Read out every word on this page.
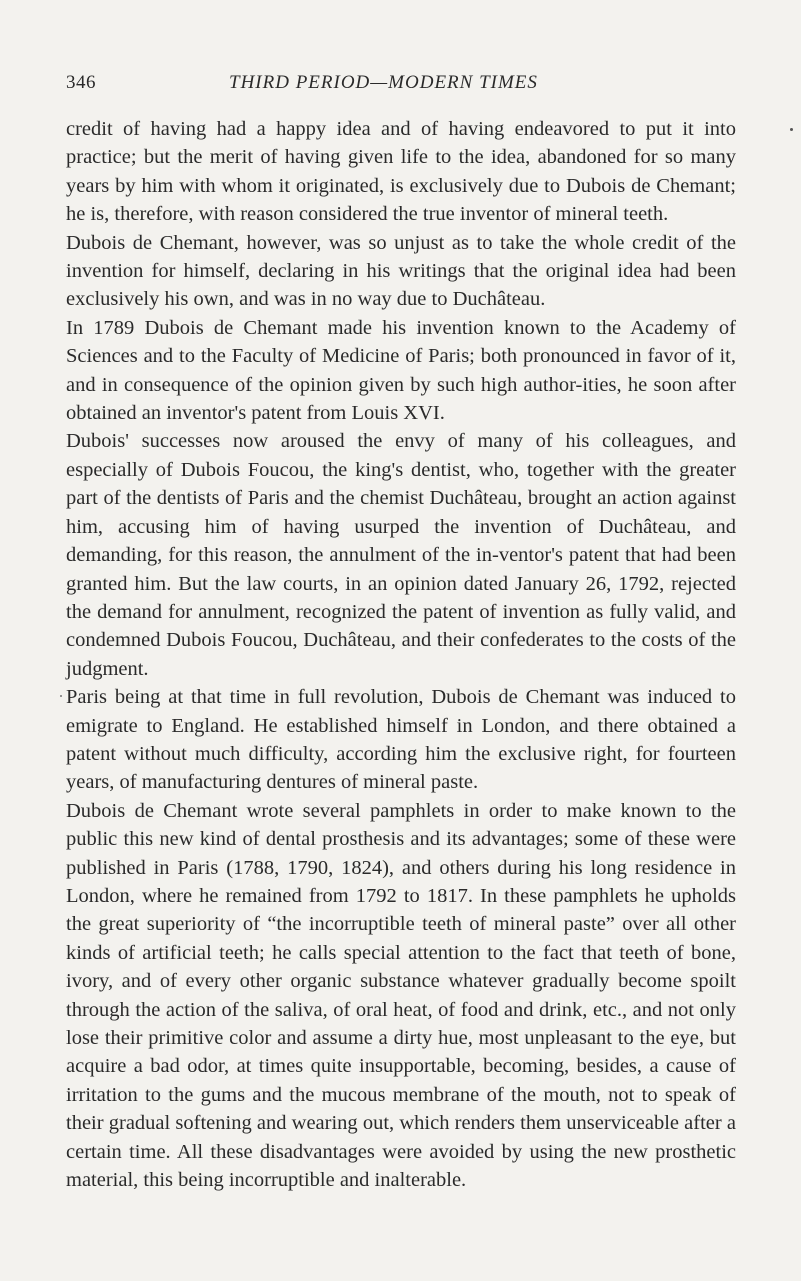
346	THIRD PERIOD—MODERN TIMES

credit of having had a happy idea and of having endeavored to put it into practice; but the merit of having given life to the idea, abandoned for so many years by him with whom it originated, is exclusively due to Dubois de Chemant; he is, therefore, with reason considered the true inventor of mineral teeth.

Dubois de Chemant, however, was so unjust as to take the whole credit of the invention for himself, declaring in his writings that the original idea had been exclusively his own, and was in no way due to Duchâteau.

In 1789 Dubois de Chemant made his invention known to the Academy of Sciences and to the Faculty of Medicine of Paris; both pronounced in favor of it, and in consequence of the opinion given by such high author-ities, he soon after obtained an inventor's patent from Louis XVI.

Dubois' successes now aroused the envy of many of his colleagues, and especially of Dubois Foucou, the king's dentist, who, together with the greater part of the dentists of Paris and the chemist Duchâteau, brought an action against him, accusing him of having usurped the invention of Duchâteau, and demanding, for this reason, the annulment of the in-ventor's patent that had been granted him. But the law courts, in an opinion dated January 26, 1792, rejected the demand for annulment, recognized the patent of invention as fully valid, and condemned Dubois Foucou, Duchâteau, and their confederates to the costs of the judgment.

Paris being at that time in full revolution, Dubois de Chemant was induced to emigrate to England. He established himself in London, and there obtained a patent without much difficulty, according him the exclusive right, for fourteen years, of manufacturing dentures of mineral paste.

Dubois de Chemant wrote several pamphlets in order to make known to the public this new kind of dental prosthesis and its advantages; some of these were published in Paris (1788, 1790, 1824), and others during his long residence in London, where he remained from 1792 to 1817. In these pamphlets he upholds the great superiority of “the incorruptible teeth of mineral paste” over all other kinds of artificial teeth; he calls special attention to the fact that teeth of bone, ivory, and of every other organic substance whatever gradually become spoilt through the action of the saliva, of oral heat, of food and drink, etc., and not only lose their primitive color and assume a dirty hue, most unpleasant to the eye, but acquire a bad odor, at times quite insupportable, becoming, besides, a cause of irritation to the gums and the mucous membrane of the mouth, not to speak of their gradual softening and wearing out, which renders them unserviceable after a certain time. All these disadvantages were avoided by using the new prosthetic material, this being incorruptible and inalterable.
